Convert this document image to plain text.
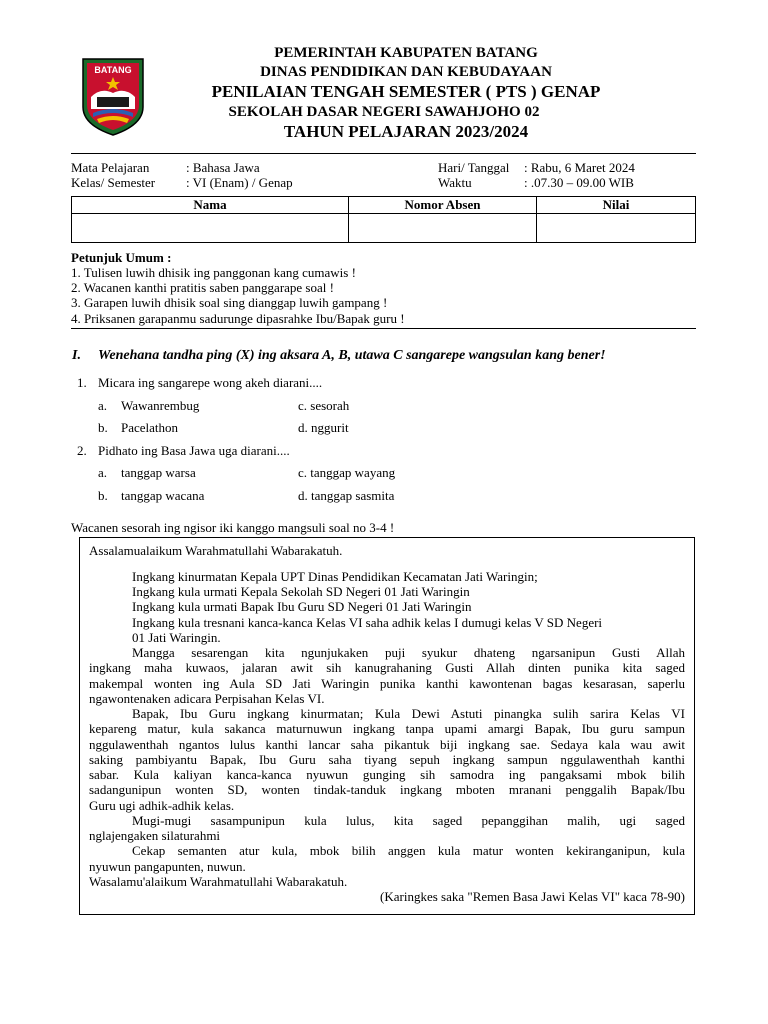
BATANG
PEMERINTAH KABUPATEN BATANG
DINAS PENDIDIKAN DAN KEBUDAYAAN
PENILAIAN TENGAH SEMESTER ( PTS ) GENAP
SEKOLAH DASAR NEGERI SAWAHJOHO 02
TAHUN PELAJARAN 2023/2024
Mata Pelajaran	: Bahasa Jawa
Kelas/ Semester : VI (Enam) / Genap
Hari/ Tanggal : Rabu, 6 Maret 2024
Waktu	: .07.30 – 09.00 WIB
Nama	Nomor Absen	Nilai

Petunjuk Umum :
1. Tulisen luwih dhisik ing panggonan kang cumawis !
2. Wacanen kanthi pratitis saben panggarape soal !
3. Garapen luwih dhisik soal sing dianggap luwih gampang !
4. Priksanen garapanmu sadurunge dipasrahke Ibu/Bapak guru !
I. Wenehana tandha ping (X) ing aksara A, B, utawa C sangarepe wangsulan kang bener!
1. Micara ing sangarepe wong akeh diarani....
a. Wawanrembug	c. sesorah
b. Pacelathon	d. nggurit
2. Pidhato ing Basa Jawa uga diarani....
a. tanggap warsa	c. tanggap wayang
b. tanggap wacana	d. tanggap sasmita
Wacanen sesorah ing ngisor iki kanggo mangsuli soal no 3-4 !
Assalamualaikum Warahmatullahi Wabarakatuh.
Ingkang kinurmatan Kepala UPT Dinas Pendidikan Kecamatan Jati Waringin;
Ingkang kula urmati Kepala Sekolah SD Negeri 01 Jati Waringin
Ingkang kula urmati Bapak Ibu Guru SD Negeri 01 Jati Waringin
Ingkang kula tresnani kanca-kanca Kelas VI saha adhik kelas I dumugi kelas V SD Negeri
01 Jati Waringin.
Mangga sesarengan kita ngunjukaken puji syukur dhateng ngarsanipun Gusti Allah
ingkang maha kuwaos, jalaran awit sih kanugrahaning Gusti Allah dinten punika kita saged
makempal wonten ing Aula SD Jati Waringin punika kanthi kawontenan bagas kesarasan, saperlu
ngawontenaken adicara Perpisahan Kelas VI.
Bapak, Ibu Guru ingkang kinurmatan; Kula Dewi Astuti pinangka sulih sarira Kelas VI
kepareng matur, kula sakanca maturnuwun ingkang tanpa upami amargi Bapak, Ibu guru sampun
nggulawenthah ngantos lulus kanthi lancar saha pikantuk biji ingkang sae. Sedaya kala wau awit
saking pambiyantu Bapak, Ibu Guru saha tiyang sepuh ingkang sampun nggulawenthah kanthi
sabar. Kula kaliyan kanca-kanca nyuwun gunging sih samodra ing pangaksami mbok bilih
sadangunipun wonten SD, wonten tindak-tanduk ingkang mboten mranani penggalih Bapak/Ibu
Guru ugi adhik-adhik kelas.
Mugi-mugi sasampunipun kula lulus, kita saged pepanggihan malih, ugi saged
nglajengaken silaturahmi
Cekap semanten atur kula, mbok bilih anggen kula matur wonten kekiranganipun, kula
nyuwun pangapunten, nuwun.
Wasalamu'alaikum Warahmatullahi Wabarakatuh.
(Karingkes saka "Remen Basa Jawi Kelas VI" kaca 78-90)
